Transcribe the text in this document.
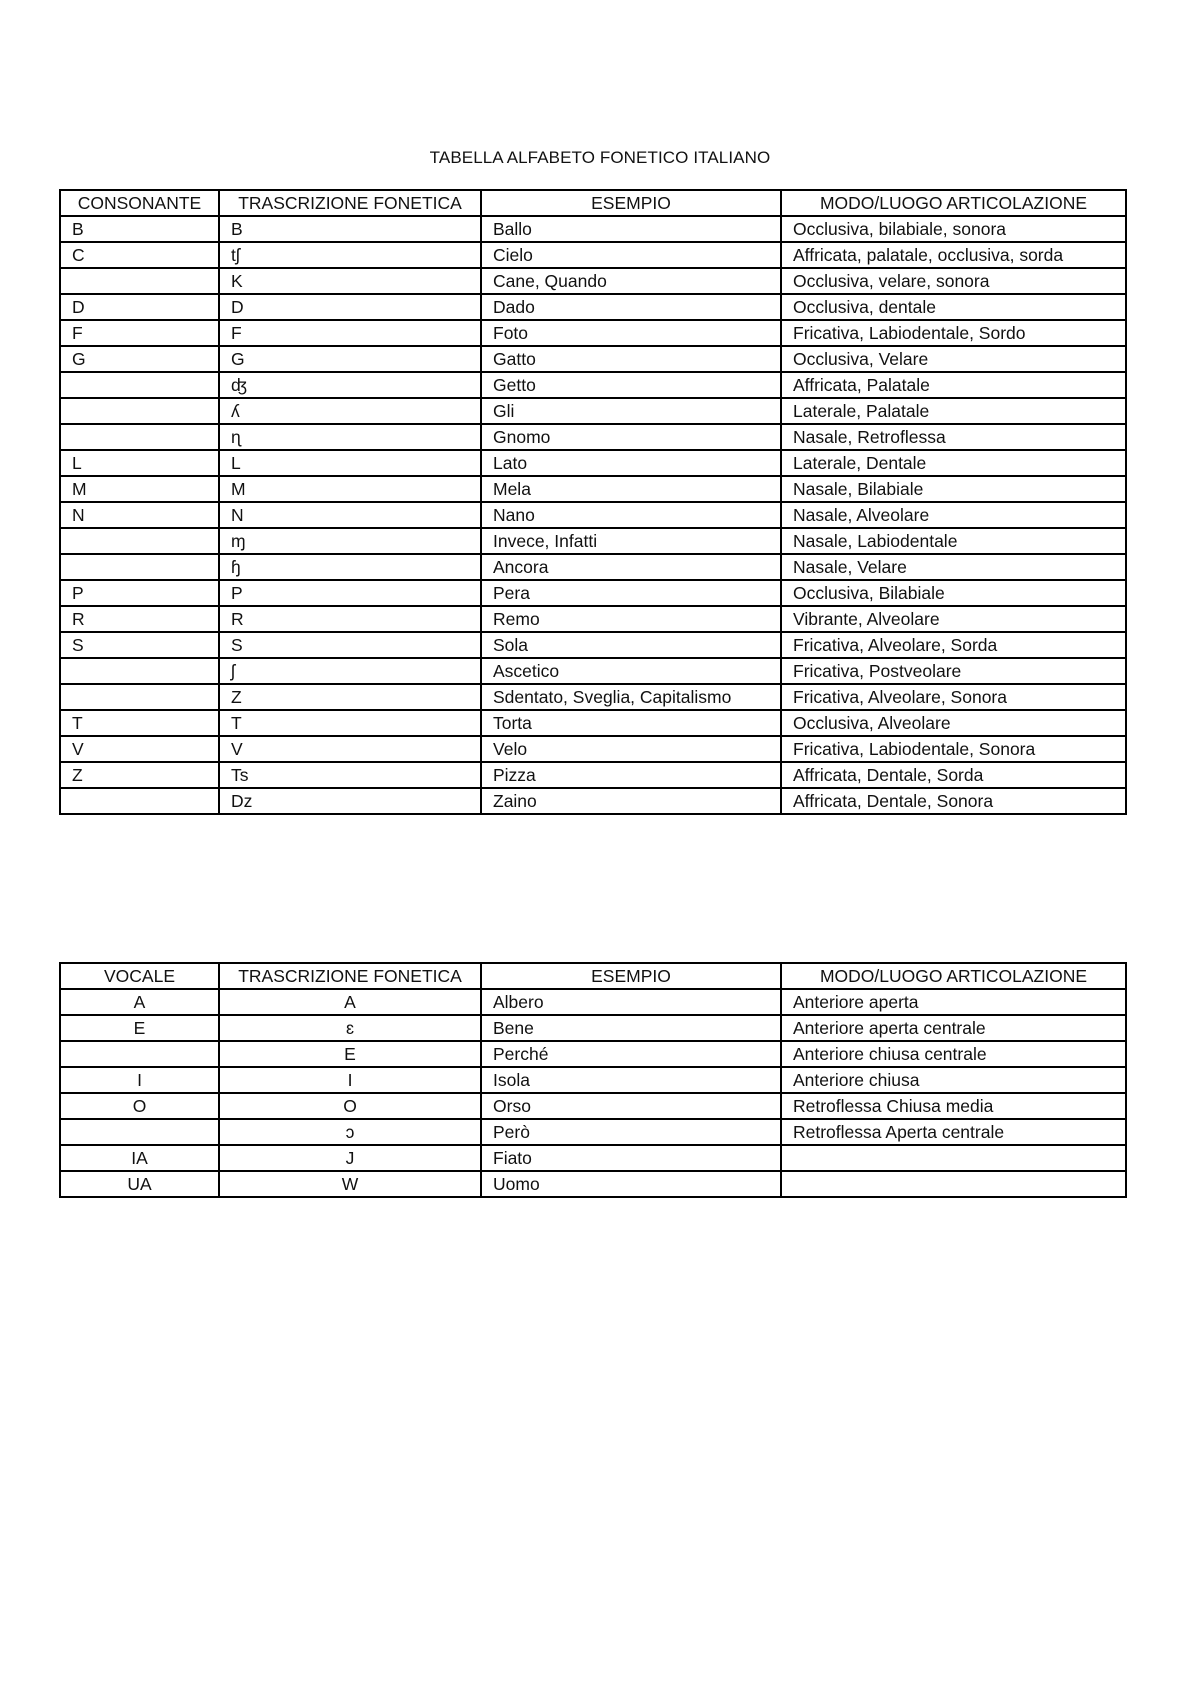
TABELLA ALFABETO FONETICO ITALIANO
CONSONANTE	TRASCRIZIONE FONETICA	ESEMPIO	MODO/LUOGO ARTICOLAZIONE
B	B	Ballo	Occlusiva, bilabiale, sonora
C	tʃ	Cielo	Affricata, palatale, occlusiva, sorda
	K	Cane, Quando	Occlusiva, velare, sonora
D	D	Dado	Occlusiva, dentale
F	F	Foto	Fricativa, Labiodentale, Sordo
G	G	Gatto	Occlusiva, Velare
	ʤ	Getto	Affricata, Palatale
	ʎ	Gli	Laterale, Palatale
	ɳ	Gnomo	Nasale, Retroflessa
L	L	Lato	Laterale, Dentale
M	M	Mela	Nasale, Bilabiale
N	N	Nano	Nasale, Alveolare
	ɱ	Invece, Infatti	Nasale, Labiodentale
	ɧ	Ancora	Nasale, Velare
P	P	Pera	Occlusiva, Bilabiale
R	R	Remo	Vibrante, Alveolare
S	S	Sola	Fricativa, Alveolare, Sorda
	ʃ	Ascetico	Fricativa, Postveolare
	Z	Sdentato, Sveglia, Capitalismo	Fricativa, Alveolare, Sonora
T	T	Torta	Occlusiva, Alveolare
V	V	Velo	Fricativa, Labiodentale, Sonora
Z	Ts	Pizza	Affricata, Dentale, Sorda
	Dz	Zaino	Affricata, Dentale, Sonora
VOCALE	TRASCRIZIONE FONETICA	ESEMPIO	MODO/LUOGO ARTICOLAZIONE
A	A	Albero	Anteriore aperta
E	ɛ	Bene	Anteriore aperta centrale
	E	Perché	Anteriore chiusa centrale
I	I	Isola	Anteriore chiusa
O	O	Orso	Retroflessa Chiusa media
	ɔ	Però	Retroflessa Aperta centrale
IA	J	Fiato	
UA	W	Uomo	
